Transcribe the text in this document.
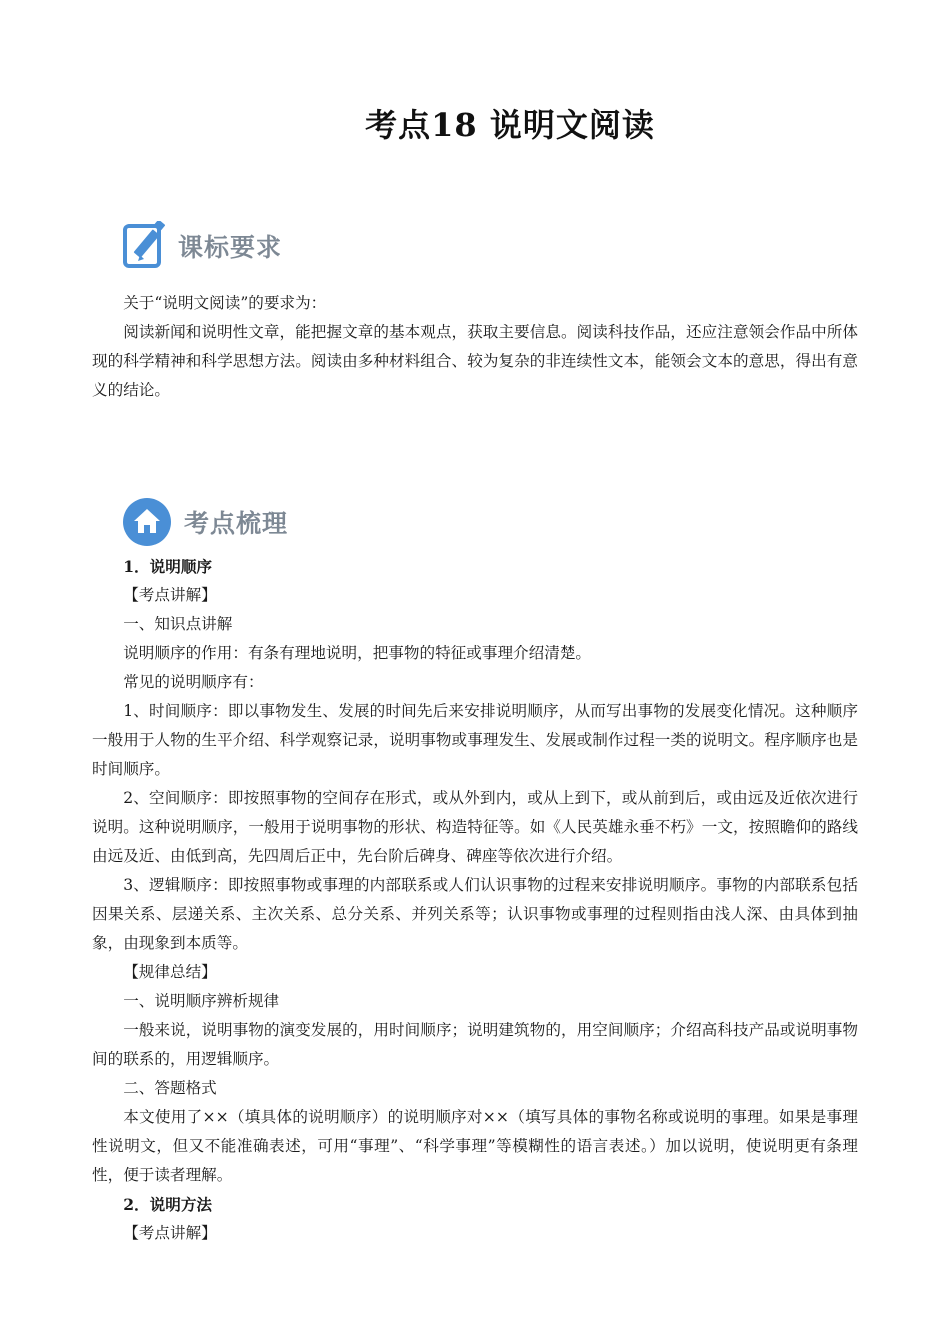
考点18 说明文阅读
课标要求

关于“说明文阅读”的要求为：

阅读新闻和说明性文章，能把握文章的基本观点，获取主要信息。阅读科技作品，还应注意领会作品中所体现的科学精神和科学思想方法。阅读由多种材料组合、较为复杂的非连续性文本，能领会文本的意思，得出有意义的结论。

考点梳理

1．说明顺序

【考点讲解】

一、知识点讲解

说明顺序的作用：有条有理地说明，把事物的特征或事理介绍清楚。

常见的说明顺序有：

1、时间顺序：即以事物发生、发展的时间先后来安排说明顺序，从而写出事物的发展变化情况。这种顺序一般用于人物的生平介绍、科学观察记录，说明事物或事理发生、发展或制作过程一类的说明文。程序顺序也是时间顺序。

2、空间顺序：即按照事物的空间存在形式，或从外到内，或从上到下，或从前到后，或由远及近依次进行说明。这种说明顺序，一般用于说明事物的形状、构造特征等。如《人民英雄永垂不朽》一文，按照瞻仰的路线由远及近、由低到高，先四周后正中，先台阶后碑身、碑座等依次进行介绍。

3、逻辑顺序：即按照事物或事理的内部联系或人们认识事物的过程来安排说明顺序。事物的内部联系包括因果关系、层递关系、主次关系、总分关系、并列关系等；认识事物或事理的过程则指由浅人深、由具体到抽象，由现象到本质等。

【规律总结】

一、说明顺序辨析规律

一般来说，说明事物的演变发展的，用时间顺序；说明建筑物的，用空间顺序；介绍高科技产品或说明事物间的联系的，用逻辑顺序。

二、答题格式

本文使用了××（填具体的说明顺序）的说明顺序对××（填写具体的事物名称或说明的事理。如果是事理性说明文，但又不能准确表述，可用“事理”、“科学事理”等模糊性的语言表述。）加以说明，使说明更有条理性，便于读者理解。

2．说明方法

【考点讲解】
